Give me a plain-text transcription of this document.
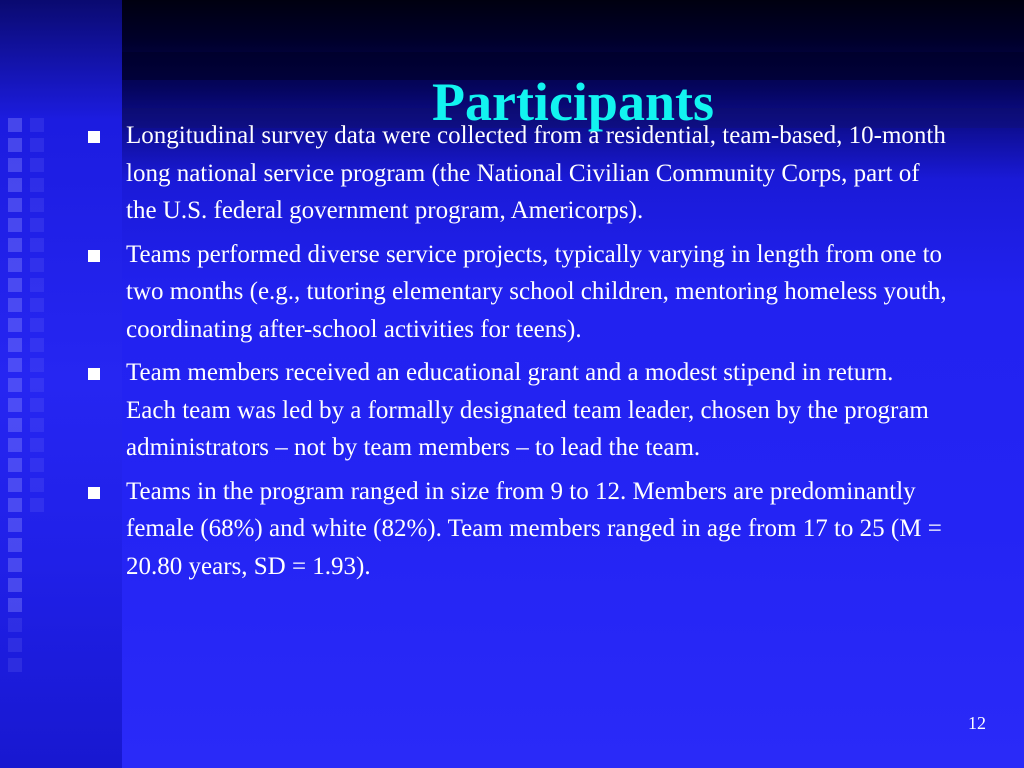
Participants
Longitudinal survey data were collected from a residential, team-based, 10-month long national service program (the National Civilian Community Corps, part of the U.S. federal government program, Americorps).
Teams performed diverse service projects, typically varying in length from one to two months (e.g., tutoring elementary school children, mentoring homeless youth, coordinating after-school activities for teens).
Team members received an educational grant and a modest stipend in return. Each team was led by a formally designated team leader, chosen by the program administrators – not by team members – to lead the team.
Teams in the program ranged in size from 9 to 12. Members are predominantly female (68%) and white (82%). Team members ranged in age from 17 to 25 (M = 20.80 years, SD = 1.93).
12
